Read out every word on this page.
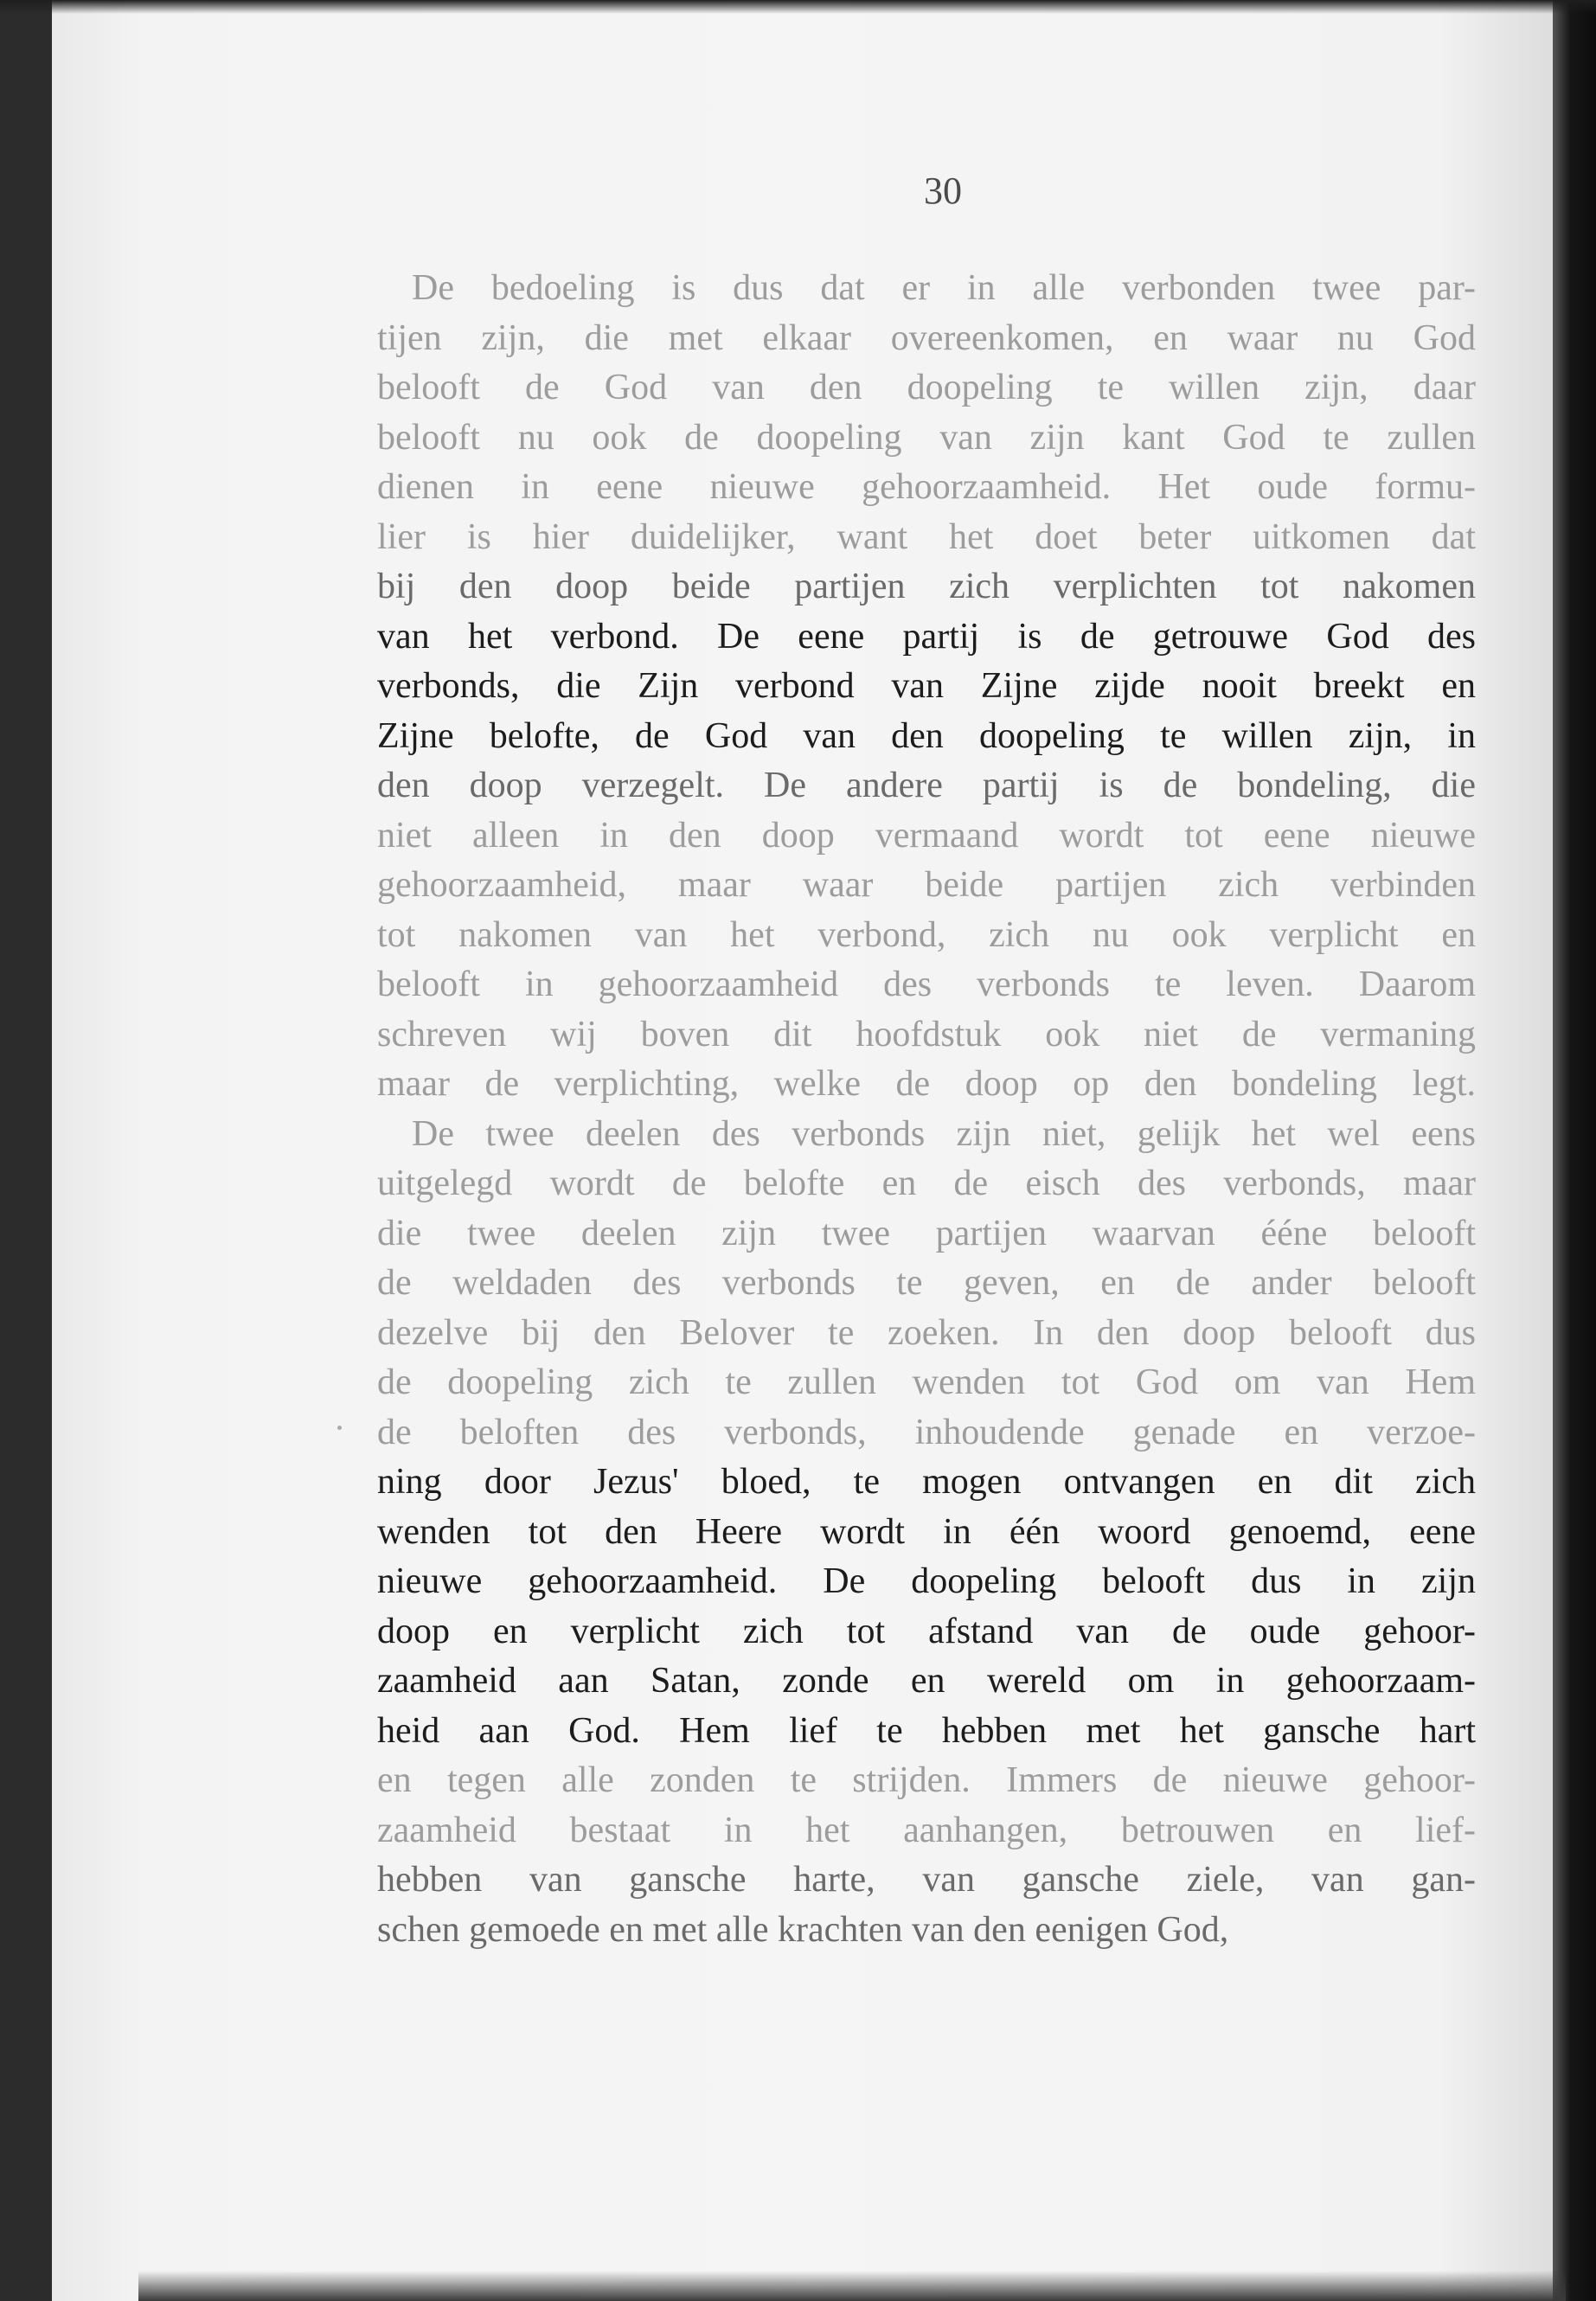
30
De bedoeling is dus dat er in alle verbonden twee par-
tijen zijn, die met elkaar overeenkomen, en waar nu God
belooft de God van den doopeling te willen zijn, daar
belooft nu ook de doopeling van zijn kant God te zullen
dienen in eene nieuwe gehoorzaamheid. Het oude formu-
lier is hier duidelijker, want het doet beter uitkomen dat
bij den doop beide partijen zich verplichten tot nakomen
van het verbond. De eene partij is de getrouwe God des
verbonds, die Zijn verbond van Zijne zijde nooit breekt en
Zijne belofte, de God van den doopeling te willen zijn, in
den doop verzegelt. De andere partij is de bondeling, die
niet alleen in den doop vermaand wordt tot eene nieuwe
gehoorzaamheid, maar waar beide partijen zich verbinden
tot nakomen van het verbond, zich nu ook verplicht en
belooft in gehoorzaamheid des verbonds te leven. Daarom
schreven wij boven dit hoofdstuk ook niet de vermaning
maar de verplichting, welke de doop op den bondeling legt.
De twee deelen des verbonds zijn niet, gelijk het wel eens
uitgelegd wordt de belofte en de eisch des verbonds, maar
die twee deelen zijn twee partijen waarvan ééne belooft
de weldaden des verbonds te geven, en de ander belooft
dezelve bij den Belover te zoeken. In den doop belooft dus
de doopeling zich te zullen wenden tot God om van Hem
de beloften des verbonds, inhoudende genade en verzoe-
ning door Jezus' bloed, te mogen ontvangen en dit zich
wenden tot den Heere wordt in één woord genoemd, eene
nieuwe gehoorzaamheid. De doopeling belooft dus in zijn
doop en verplicht zich tot afstand van de oude gehoor-
zaamheid aan Satan, zonde en wereld om in gehoorzaam-
heid aan God. Hem lief te hebben met het gansche hart
en tegen alle zonden te strijden. Immers de nieuwe gehoor-
zaamheid bestaat in het aanhangen, betrouwen en lief-
hebben van gansche harte, van gansche ziele, van gan-
schen gemoede en met alle krachten van den eenigen God,
